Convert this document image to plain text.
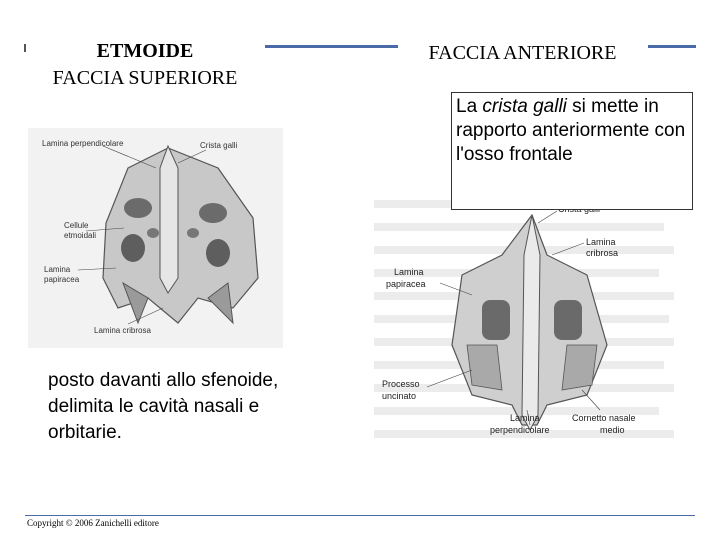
ETMOIDE
FACCIA SUPERIORE
FACCIA ANTERIORE
Lamina perpendicolare	Crista galli
Cellule
etmoidali
Lamina
papiracea
Lamina cribrosa
Lamina
cribrosa
Lamina
papiracea
Processo
uncinato
Lamina
perpendicolare
Cornetto nasale
medio
La crista galli si mette in rapporto anteriormente con l'osso frontale
posto davanti allo sfenoide, delimita le cavità nasali e orbitarie.
Copyright © 2006 Zanichelli editore
